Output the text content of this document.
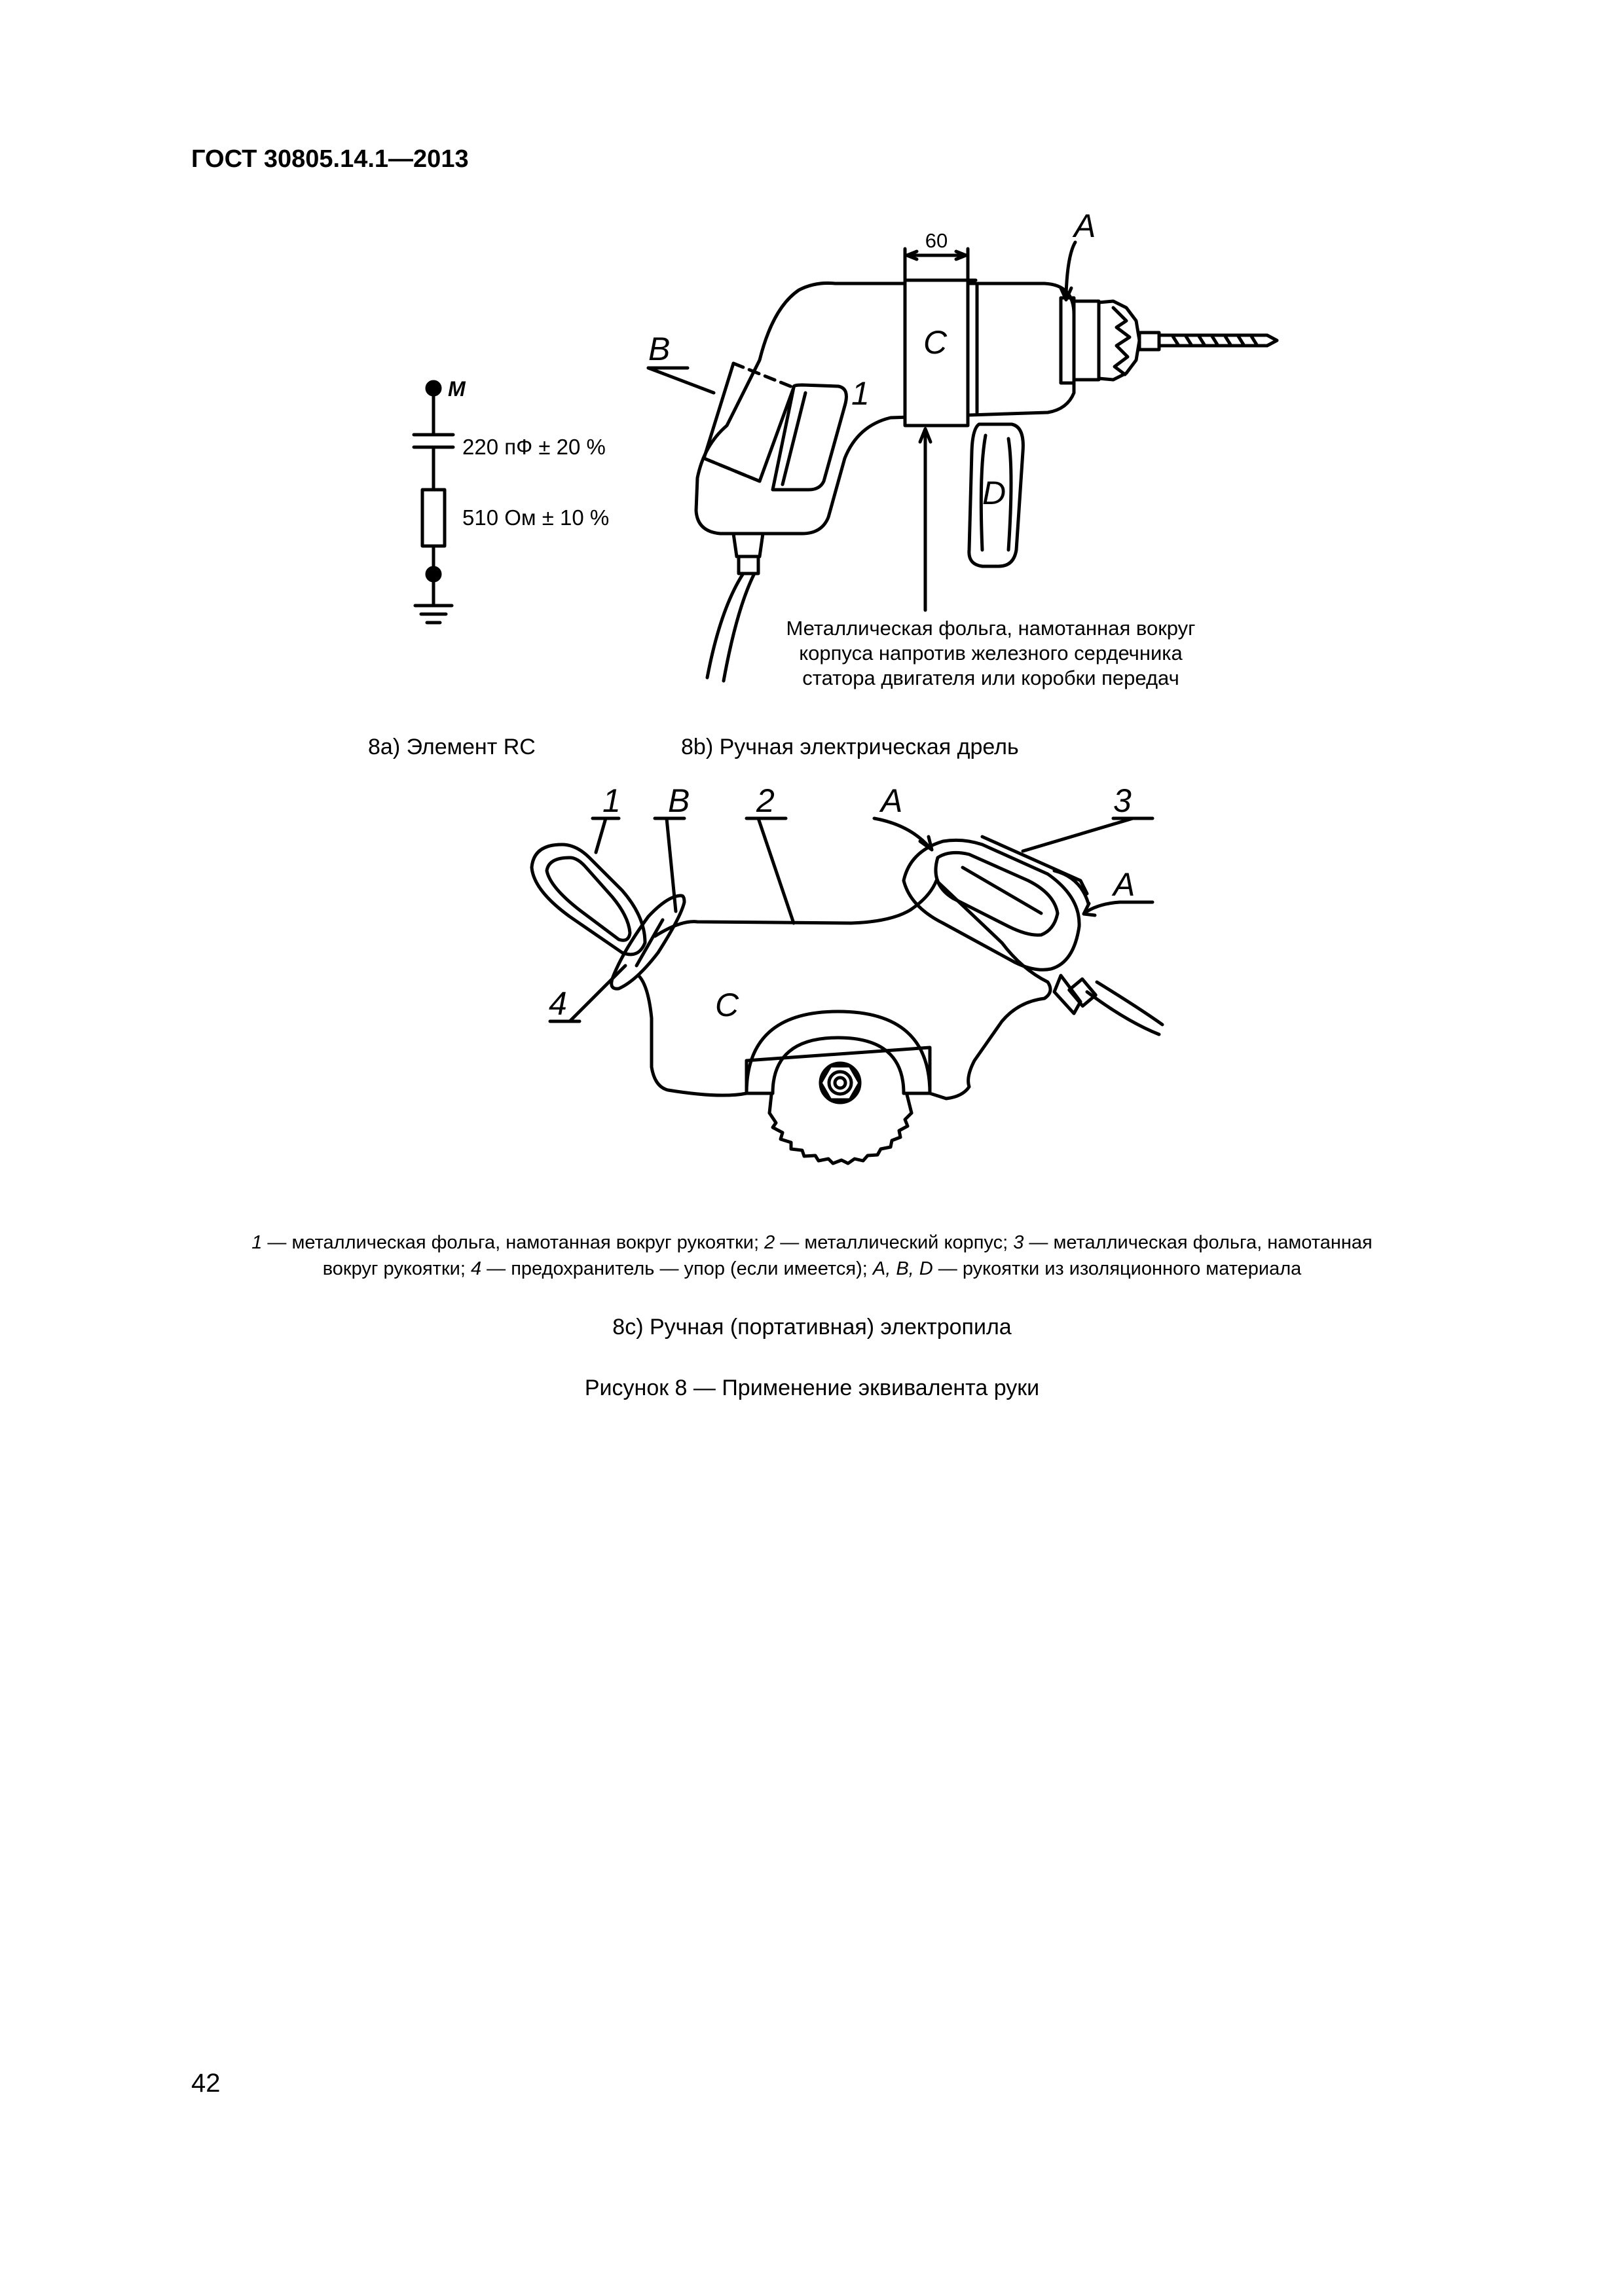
ГОСТ 30805.14.1—2013
M
220 пФ ± 20 %
510 Ом ± 10 %
60	A
B	C
D
1
Металлическая фольга, намотанная вокруг
корпуса напротив железного сердечника
статора двигателя или коробки передач
1 B 2	A	3
A
4	C
8a) Элемент RC	8b) Ручная электрическая дрель
1 — металлическая фольга, намотанная вокруг рукоятки; 2 — металлический корпус; 3 — металлическая фольга, намотанная
вокруг рукоятки; 4 — предохранитель — упор (если имеется); A, B, D — рукоятки из изоляционного материала
8c) Ручная (портативная) электропила
Рисунок 8 — Применение эквивалента руки
42
